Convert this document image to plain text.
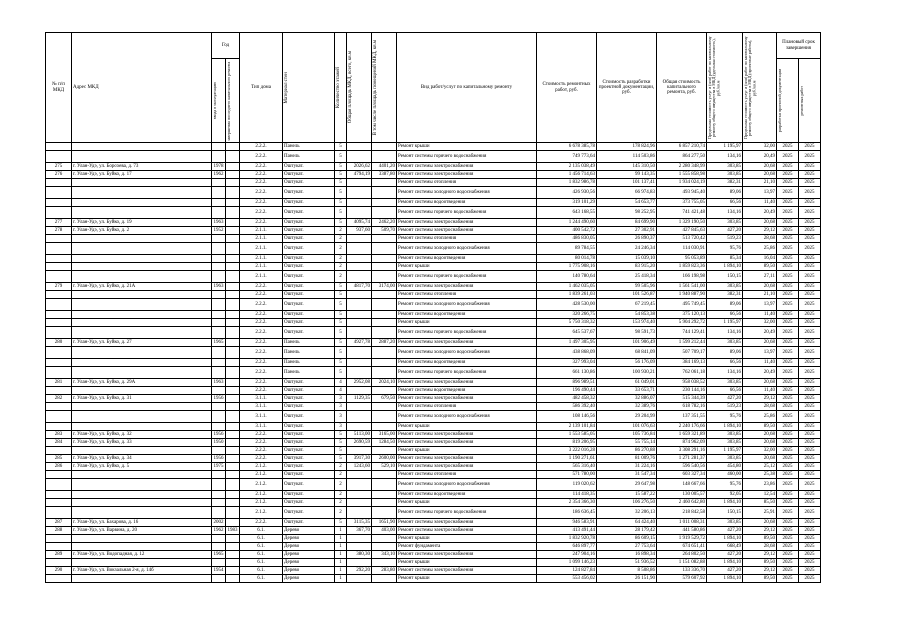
№ п/п МКД	Адрес МКД	Год		Тип дома	Материал стен	Количество этажей	Общая площадь МКД, всего, кв.м	В том числе площадь помещений МКД, кв.м	Вид работ/услуг по капитальному ремонту	Стоимость ремонтных работ, руб.	Стоимость разработки проектной документации, руб.	Общая стоимость капитального ремонта, руб.	Предельная стоимость услуг и (или) работ по капитальному ремонту общего имущества в МКД (удельная стоимость), руб./кв.м	Предельная стоимость услуг и (или) работ по капитальному ремонту общего имущества в МКД (проектные работы), руб./кв.м	Плановый срок завершения	

		ввода в эксплуатацию	завершения последнего капитального ремонта												разработки проектной документации	ремонтных работ

				2.2.2.	Панель	5			Ремонт крыши	6 678 385,78	178 824,96	6 857 210,74	1 195,97	32,00	2025	2025
				2.2.2.	Панель	5			Ремонт системы горячего водоснабжения	749 773,64	114 503,86	864 277,50	134,16	20,49	2025	2025
275	г. Улан-Удэ, ул. Борсоева, д. 73	1978		2.2.2.	Оштукат.	5	2026,62	4401,20	Ремонт системы электроснабжения	2 135 038,49	145 310,50	2 280 348,99	303,85	20,68	2025	2025
276	г. Улан-Удэ, ул. Буйко, д. 17	1962		2.2.2.	Оштукат.	5	4794,19	3387,80	Ремонт системы электроснабжения	1 456 714,63	99 143,35	1 555 858,98	303,85	20,68	2025	2025
				2.2.2.	Оштукат.	5			Ремонт системы отопления	1 832 986,78	101 137,41	1 934 024,19	382,31	21,10	2025	2025
				2.2.2.	Оштукат.	5			Ремонт системы холодного водоснабжения	426 930,56	66 974,83	493 945,40	89,06	13,97	2025	2025
				2.2.2.	Оштукат.	5			Ремонт системы водоотведения	319 101,29	54 653,77	373 755,05	66,56	11,40	2025	2025
				2.2.2.	Оштукат.	5			Ремонт системы горячего водоснабжения	643 168,55	98 252,95	741 421,48	134,16	20,49	2025	2025
277	г. Улан-Удэ, ул. Буйко, д. 19	1963		2.2.2.	Оштукат.	5	4095,74	2462,20	Ремонт системы электроснабжения	1 244 490,60	84 699,90	1 329 190,50	303,85	20,68	2025	2025
278	г. Улан-Удэ, ул. Буйко, д. 2	1952		2.1.1.	Оштукат.	2	937,60	509,70	Ремонт системы электроснабжения	400 542,72	27 302,91	427 845,63	427,20	29,12	2025	2025
				2.1.1.	Оштукат.	2			Ремонт системы отопления	486 830,05	26 890,37	513 720,42	519,23	28,68	2025	2025
				2.1.1.	Оштукат.	2			Ремонт системы холодного водоснабжения	89 784,55	24 246,34	114 030,91	95,76	25,86	2025	2025
				2.1.1.	Оштукат.	2			Ремонт системы водоотведения	80 014,78	15 039,10	95 053,89	85,34	16,04	2025	2025
				2.1.1.	Оштукат.	2			Ремонт крыши	1 775 908,16	83 915,20	1 859 823,36	1 894,10	89,50	2025	2025
				2.1.1.	Оштукат.	2			Ремонт системы горячего водоснабжения	140 780,64	25 418,34	166 198,98	150,15	27,11	2025	2025
279	г. Улан-Удэ, ул. Буйко, д. 21А	1963		2.2.2.	Оштукат.	5	4817,70	3174,00	Ремонт системы электроснабжения	1 462 035,05	99 505,96	1 561 541,00	303,85	20,68	2025	2025
				2.2.2.	Оштукат.	5			Ремонт системы отопления	1 839 261,03	101 526,87	1 940 887,90	382,31	21,10	2025	2025
				2.2.2.	Оштукат.	5			Ремонт системы холодного водоснабжения	428 530,00	67 219,45	495 749,45	89,06	13,97	2025	2025
				2.2.2.	Оштукат.	5			Ремонт системы водоотведения	320 266,75	54 853,38	375 120,13	66,56	11,40	2025	2025
				2.2.2.	Оштукат.	5			Ремонт крыши	5 750 318,32	153 974,40	5 904 292,72	1 195,97	32,00	2025	2025
				2.2.2.	Оштукат.	5			Ремонт системы горячего водоснабжения	645 537,67	98 591,73	744 129,41	134,16	20,49	2025	2025
280	г. Улан-Удэ, ул. Буйко, д. 27	1965		2.2.2.	Панель	5	4927,78	2887,20	Ремонт системы электроснабжения	1 497 305,95	101 906,49	1 599 212,44	303,85	20,68	2025	2025
				2.2.2.	Панель	5			Ремонт системы холодного водоснабжения	438 868,09	68 841,09	507 709,17	89,06	13,97	2025	2025
				2.2.2.	Панель	5			Ремонт системы водоотведения	327 993,04	56 176,09	384 169,13	66,56	11,40	2025	2025
				2.2.2.	Панель	5			Ремонт системы горячего водоснабжения	661 130,86	100 930,21	762 061,18	134,16	20,49	2025	2025
281	г. Улан-Удэ, ул. Буйко, д. 29А	1963		2.2.2.	Оштукат.	4	2952,08	2024,10	Ремонт системы электроснабжения	896 989,51	61 049,01	958 038,52	303,85	20,68	2025	2025
				2.2.2.	Оштукат.	4			Ремонт системы водоотведения	196 490,44	33 653,71	230 144,16	66,56	11,40	2025	2025
282	г. Улан-Удэ, ул. Буйко, д. 31	1956		3.1.1.	Оштукат.	3	1129,35	679,50	Ремонт системы электроснабжения	482 458,32	32 886,07	515 344,39	427,20	29,12	2025	2025
				3.1.1.	Оштукат.	3			Ремонт системы отопления	586 392,40	32 389,76	618 782,16	519,23	28,68	2025	2025
				3.1.1.	Оштукат.	3			Ремонт системы холодного водоснабжения	108 146,56	29 204,99	137 351,55	95,76	25,86	2025	2025
				3.1.1.	Оштукат.	3			Ремонт крыши	2 139 101,84	101 076,63	2 240 176,66	1 894,10	89,50	2025	2025
283	г. Улан-Удэ, ул. Буйко, д. 32	1956		2.2.2.	Оштукат.	5	5113,00	3165,00	Ремонт системы электроснабжения	1 553 585,05	105 736,84	1 659 321,89	303,85	20,68	2025	2025
284	г. Улан-Удэ, ул. Буйко, д. 33	1950		2.2.2.	Оштукат.	5	2690,59	1284,50	Ремонт системы электроснабжения	819 206,95	55 755,14	874 962,09	303,85	20,68	2025	2025
				2.2.2.	Оштукат.	5			Ремонт крыши	3 222 016,28	86 270,88	3 308 291,16	1 195,97	32,00	2025	2025
285	г. Улан-Удэ, ул. Буйко, д. 34	1956		2.2.2.	Оштукат.	5	3917,30	2600,00	Ремонт системы электроснабжения	1 190 271,61	81 009,76	1 271 281,37	303,85	20,68	2025	2025
286	г. Улан-Удэ, ул. Буйко, д. 5	1975		2.1.2.	Оштукат.	2	1243,60	529,10	Ремонт системы электроснабжения	565 316,40	31 224,16	596 540,56	454,80	25,12	2025	2025
				2.1.2.	Оштукат.	2			Ремонт системы отопления	571 780,00	31 547,34	603 327,34	460,00	25,38	2025	2025
				2.1.2.	Оштукат.	2			Ремонт системы холодного водоснабжения	119 020,62	29 647,98	148 667,66	95,76	23,86	2025	2025
				2.1.2.	Оштукат.	2			Ремонт системы водоотведения	114 418,35	15 587,22	130 005,57	92,05	12,54	2025	2025
				2.1.2.	Оштукат.	2			Ремонт крыши	2 354 366,30	106 276,50	2 460 642,80	1 894,10	85,50	2025	2025
				2.1.2.	Оштукат.	2			Ремонт системы горячего водоснабжения	186 636,45	32 206,13	218 842,58	150,15	25,91	2025	2025
287	г. Улан-Удэ, ул. Бахарова, д. 16	2002		2.2.2.	Оштукат.	5	3115,35	1651,90	Ремонт системы электроснабжения	946 583,91	64 424,40	1 011 008,31	303,85	20,68	2025	2025
288	г. Улан-Удэ, ул. Варвина, д. 20	1962	1983	6.1.	Дерево	1	367,70	403,00	Ремонт системы электроснабжения	413 491,44	28 179,42	441 580,86	427,20	29,12	2025	2025
				6.1.	Дерево	1			Ремонт крыши	1 832 920,78	86 609,15	1 919 529,72	1 894,10	89,50	2025	2025
				6.1.	Дерево	1			Ремонт фундамента	646 897,77	27 753,64	674 651,41	668,49	28,68	2025	2025
289	г. Улан-Удэ, ул. Водопадная, д. 12	1965		6.1.	Дерево	1	380,30	343,10	Ремонт системы электроснабжения	247 904,16	16 898,34	264 802,50	427,20	29,12	2025	2025
				6.1.	Дерево	1			Ремонт крыши	1 099 146,23	51 936,52	1 151 082,88	1 894,10	89,50	2025	2025
290	г. Улан-Удэ, ул. Вокзальная 2-я, д. 14б	1954		6.1.	Дерево	1	292,20	283,80	Ремонт системы электроснабжения	124 827,84	8 508,86	133 336,70	427,20	29,12	2025	2025
				6.1.	Дерево	1			Ремонт крыши	553 456,02	26 151,90	579 607,92	1 894,10	89,50	2025	2025
